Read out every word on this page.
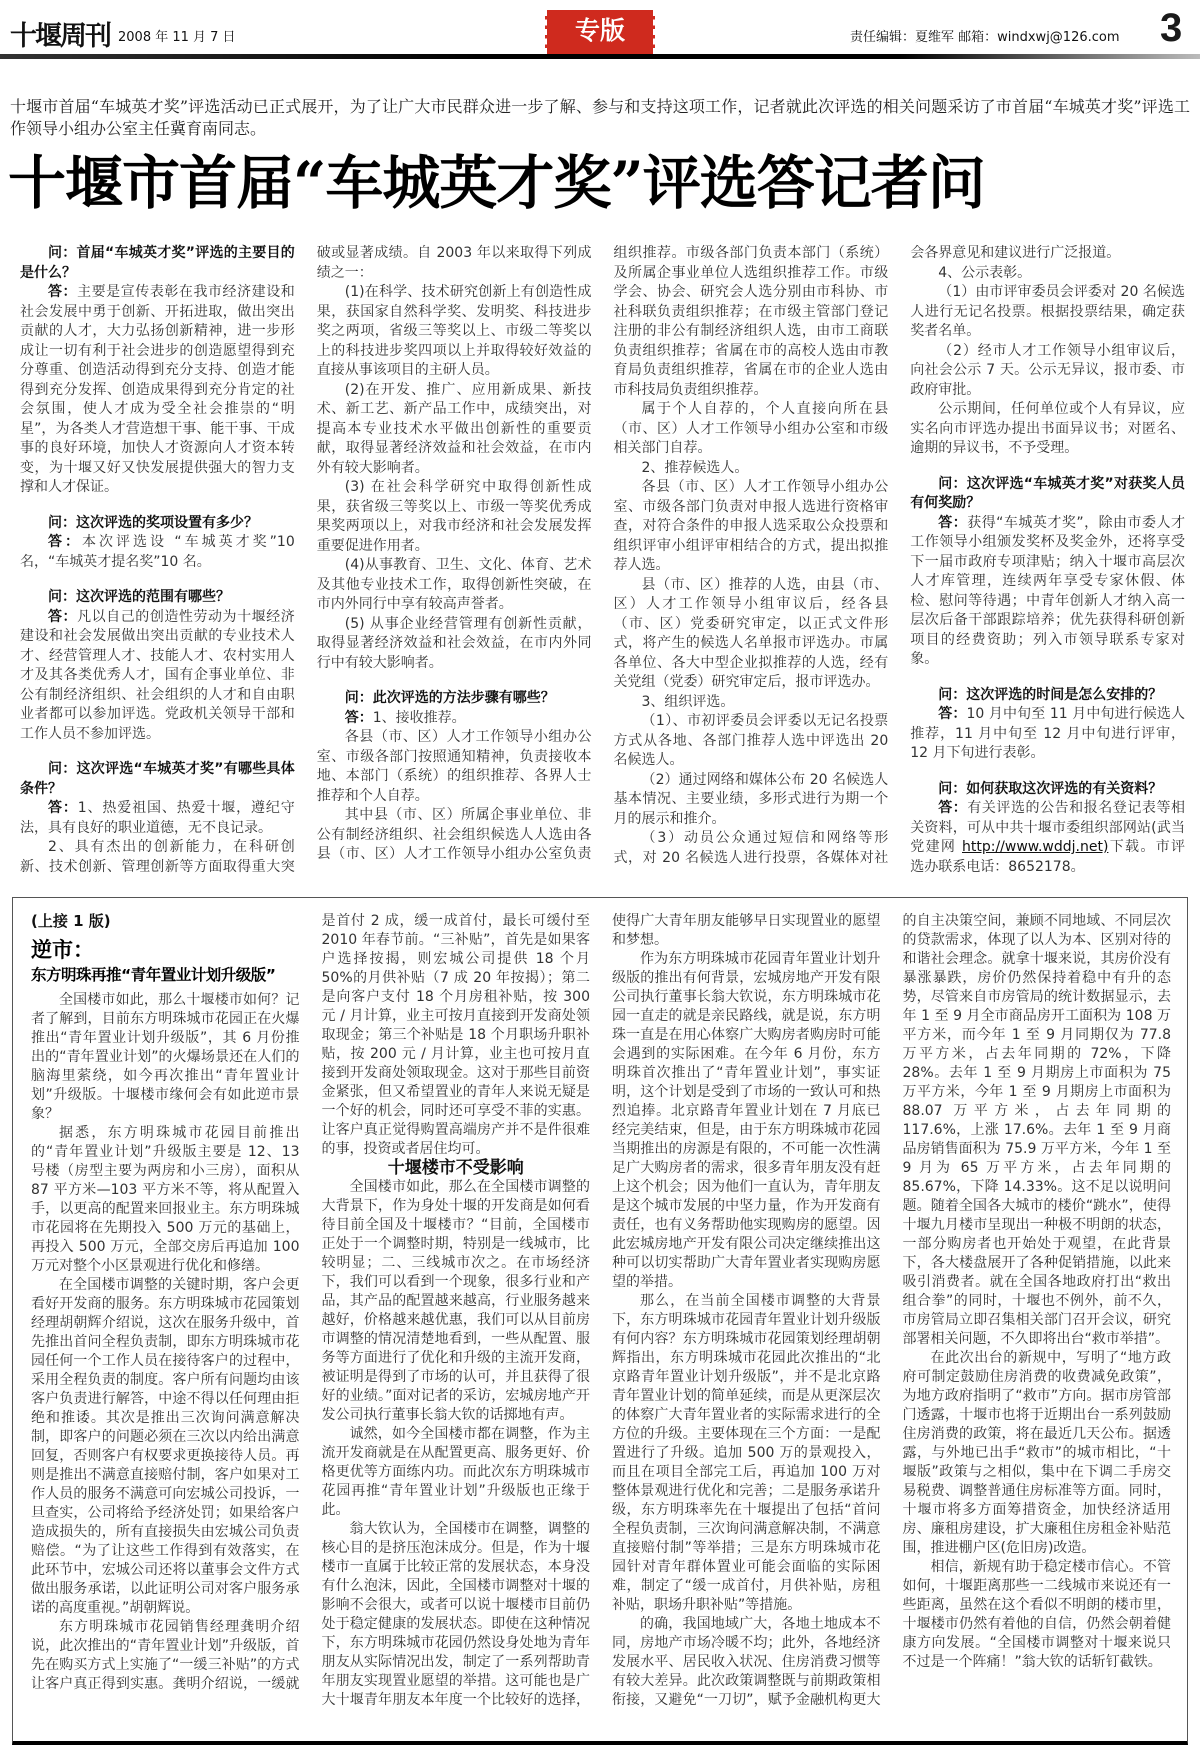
十堰周刊 2008 年 11 月 7 日	专版	责任编辑：夏维军 邮箱：windxwj@126.com 3
十堰市首届“车城英才奖”评选活动已正式展开，为了让广大市民群众进一步了解、参与和支持这项工作，记者就此次评选的相关问题采访了市首届“车城英才奖”评选工作领导小组办公室主任冀育南同志。
十堰市首届“车城英才奖”评选答记者问

问：首届“车城英才奖”评选的主要目的是什么？

答：主要是宣传表彰在我市经济建设和社会发展中勇于创新、开拓进取，做出突出贡献的人才，大力弘扬创新精神，进一步形成让一切有利于社会进步的创造愿望得到充分尊重、创造活动得到充分支持、创造才能得到充分发挥、创造成果得到充分肯定的社会氛围，使人才成为受全社会推崇的“明星”，为各类人才营造想干事、能干事、干成事的良好环境，加快人才资源向人才资本转变，为十堰又好又快发展提供强大的智力支撑和人才保证。

问：这次评选的奖项设置有多少？

答：本次评选设 “车城英才奖”10 名，“车城英才提名奖”10 名。

问：这次评选的范围有哪些？

答：凡以自己的创造性劳动为十堰经济建设和社会发展做出突出贡献的专业技术人才、经营管理人才、技能人才、农村实用人才及其各类优秀人才，国有企事业单位、非公有制经济组织、社会组织的人才和自由职业者都可以参加评选。党政机关领导干部和工作人员不参加评选。

问：这次评选“车城英才奖”有哪些具体条件？

答：1、热爱祖国、热爱十堰，遵纪守法，具有良好的职业道德，无不良记录。

2、具有杰出的创新能力，在科研创新、技术创新、管理创新等方面取得重大突破或显著成绩。自 2003 年以来取得下列成绩之一：

(1)在科学、技术研究创新上有创造性成果，获国家自然科学奖、发明奖、科技进步奖之两项，省级三等奖以上、市级二等奖以上的科技进步奖四项以上并取得较好效益的直接从事该项目的主研人员。

(2)在开发、推广、应用新成果、新技术、新工艺、新产品工作中，成绩突出，对提高本专业技术水平做出创新性的重要贡献，取得显著经济效益和社会效益，在市内外有较大影响者。

(3) 在社会科学研究中取得创新性成果，获省级三等奖以上、市级一等奖优秀成果奖两项以上，对我市经济和社会发展发挥重要促进作用者。

(4)从事教育、卫生、文化、体育、艺术及其他专业技术工作，取得创新性突破，在市内外同行中享有较高声誉者。

(5) 从事企业经营管理有创新性贡献，取得显著经济效益和社会效益，在市内外同行中有较大影响者。

问：此次评选的方法步骤有哪些？

答：1、接收推荐。

各县（市、区）人才工作领导小组办公室、市级各部门按照通知精神，负责接收本地、本部门（系统）的组织推荐、各界人士推荐和个人自荐。

其中县（市、区）所属企事业单位、非公有制经济组织、社会组织候选人人选由各县（市、区）人才工作领导小组办公室负责组织推荐。市级各部门负责本部门（系统）及所属企事业单位人选组织推荐工作。市级学会、协会、研究会人选分别由市科协、市社科联负责组织推荐；在市级主管部门登记注册的非公有制经济组织人选，由市工商联负责组织推荐；省属在市的高校人选由市教育局负责组织推荐，省属在市的企业人选由市科技局负责组织推荐。

属于个人自荐的，个人直接向所在县（市、区）人才工作领导小组办公室和市级相关部门自荐。

2、推荐候选人。

各县（市、区）人才工作领导小组办公室、市级各部门负责对申报人选进行资格审查，对符合条件的申报人选采取公众投票和组织评审小组评审相结合的方式，提出拟推荐人选。

县（市、区）推荐的人选，由县（市、区）人才工作领导小组审议后，经各县（市、区）党委研究审定，以正式文件形式，将产生的候选人名单报市评选办。市属各单位、各大中型企业拟推荐的人选，经有关党组（党委）研究审定后，报市评选办。

3、组织评选。

（1）、市初评委员会评委以无记名投票方式从各地、各部门推荐人选中评选出 20 名候选人。

（2）通过网络和媒体公布 20 名候选人基本情况、主要业绩，多形式进行为期一个月的展示和推介。

（3）动员公众通过短信和网络等形式，对 20 名候选人进行投票，各媒体对社会各界意见和建议进行广泛报道。

4、公示表彰。

（1）由市评审委员会评委对 20 名候选人进行无记名投票。根据投票结果，确定获奖者名单。

（2）经市人才工作领导小组审议后，向社会公示 7 天。公示无异议，报市委、市政府审批。

公示期间，任何单位或个人有异议，应实名向市评选办提出书面异议书；对匿名、逾期的异议书，不予受理。

问：这次评选“车城英才奖”对获奖人员有何奖励？

答：获得“车城英才奖”，除由市委人才工作领导小组颁发奖杯及奖金外，还将享受下一届市政府专项津贴；纳入十堰市高层次人才库管理，连续两年享受专家休假、体检、慰问等待遇；中青年创新人才纳入高一层次后备干部跟踪培养；优先获得科研创新项目的经费资助；列入市领导联系专家对象。

问：这次评选的时间是怎么安排的？

答：10 月中旬至 11 月中旬进行候选人推荐，11 月中旬至 12 月中旬进行评审，12 月下旬进行表彰。

问：如何获取这次评选的有关资料？

答：有关评选的公告和报名登记表等相关资料，可从中共十堰市委组织部网站(武当党建网 http://www.wddj.net)下载。市评选办联系电话：8652178。

(上接 1 版)
逆市：
东方明珠再推“青年置业计划升级版”

全国楼市如此，那么十堰楼市如何？记者了解到，目前东方明珠城市花园正在火爆推出“青年置业计划升级版”，其 6 月份推出的“青年置业计划”的火爆场景还在人们的脑海里萦绕，如今再次推出“青年置业计划”升级版。十堰楼市缘何会有如此逆市景象？

据悉，东方明珠城市花园目前推出的“青年置业计划”升级版主要是 12、13 号楼（房型主要为两房和小三房），面积从 87 平方米—103 平方米不等，将从配置入手，以更高的配置来回报业主。东方明珠城市花园将在先期投入 500 万元的基础上，再投入 500 万元，全部交房后再追加 100 万元对整个小区景观进行优化和修缮。

在全国楼市调整的关键时期，客户会更看好开发商的服务。东方明珠城市花园策划经理胡朝辉介绍说，这次在服务升级中，首先推出首问全程负责制，即东方明珠城市花园任何一个工作人员在接待客户的过程中，采用全程负责的制度。客户所有问题均由该客户负责进行解答，中途不得以任何理由拒绝和推诿。其次是推出三次询问满意解决制，即客户的问题必须在三次以内给出满意回复，否则客户有权要求更换接待人员。再则是推出不满意直接赔付制，客户如果对工作人员的服务不满意可向宏城公司投诉，一旦查实，公司将给予经济处罚；如果给客户造成损失的，所有直接损失由宏城公司负责赔偿。“为了让这些工作得到有效落实，在此环节中，宏城公司还将以董事会文件方式做出服务承诺，以此证明公司对客户服务承诺的高度重视。”胡朝辉说。

东方明珠城市花园销售经理龚明介绍说，此次推出的“青年置业计划”升级版，首先在购买方式上实施了“一缓三补贴”的方式让客户真正得到实惠。龚明介绍说，一缓就是首付 2 成，缓一成首付，最长可缓付至 2010 年春节前。“三补贴”，首先是如果客户选择按揭，则宏城公司提供 18 个月 50%的月供补贴（7 成 20 年按揭）；第二是向客户支付 18 个月房租补贴，按 300 元 / 月计算，业主可按月直接到开发商处领取现金；第三个补贴是 18 个月职场升职补贴，按 200 元 / 月计算，业主也可按月直接到开发商处领取现金。这对于那些目前资金紧张，但又希望置业的青年人来说无疑是一个好的机会，同时还可享受不菲的实惠。让客户真正觉得购置高端房产并不是件很难的事，投资或者居住均可。

十堰楼市不受影响

全国楼市如此，那么在全国楼市调整的大背景下，作为身处十堰的开发商是如何看待目前全国及十堰楼市？“目前，全国楼市正处于一个调整时期，特别是一线城市，比较明显；二、三线城市次之。在市场经济下，我们可以看到一个现象，很多行业和产品，其产品的配置越来越高，行业服务越来越好，价格越来越优惠，我们可以从目前房市调整的情况清楚地看到，一些从配置、服务等方面进行了优化和升级的主流开发商，被证明是得到了市场的认可，并且获得了很好的业绩。”面对记者的采访，宏城房地产开发公司执行董事长翁大钦的话掷地有声。

诚然，如今全国楼市都在调整，作为主流开发商就是在从配置更高、服务更好、价格更优等方面练内功。而此次东方明珠城市花园再推“青年置业计划”升级版也正缘于此。

翁大钦认为，全国楼市在调整，调整的核心目的是挤压泡沫成分。但是，作为十堰楼市一直属于比较正常的发展状态，本身没有什么泡沫，因此，全国楼市调整对十堰的影响不会很大，或者可以说十堰楼市目前仍处于稳定健康的发展状态。即使在这种情况下，东方明珠城市花园仍然设身处地为青年朋友从实际情况出发，制定了一系列帮助青年朋友实现置业愿望的举措。这可能也是广大十堰青年朋友本年度一个比较好的选择，使得广大青年朋友能够早日实现置业的愿望和梦想。

作为东方明珠城市花园青年置业计划升级版的推出有何背景，宏城房地产开发有限公司执行董事长翁大钦说，东方明珠城市花园一直走的就是亲民路线，就是说，东方明珠一直是在用心体察广大购房者购房时可能会遇到的实际困难。在今年 6 月份，东方明珠首次推出了“青年置业计划”，事实证明，这个计划是受到了市场的一致认可和热烈追捧。北京路青年置业计划在 7 月底已经完美结束，但是，由于东方明珠城市花园当期推出的房源是有限的，不可能一次性满足广大购房者的需求，很多青年朋友没有赶上这个机会；因为他们一直认为，青年朋友是这个城市发展的中坚力量，作为开发商有责任，也有义务帮助他实现购房的愿望。因此宏城房地产开发有限公司决定继续推出这种可以切实帮助广大青年置业者实现购房愿望的举措。

那么，在当前全国楼市调整的大背景下，东方明珠城市花园青年置业计划升级版有何内容？东方明珠城市花园策划经理胡朝辉指出，东方明珠城市花园此次推出的“北京路青年置业计划升级版”，并不是北京路青年置业计划的简单延续，而是从更深层次的体察广大青年置业者的实际需求进行的全方位的升级。主要体现在三个方面：一是配置进行了升级。追加 500 万的景观投入，而且在项目全部完工后，再追加 100 万对整体景观进行优化和完善；二是服务承诺升级，东方明珠率先在十堰提出了包括“首问全程负责制，三次询问满意解决制，不满意直接赔付制”等举措；三是东方明珠城市花园针对青年群体置业可能会面临的实际困难，制定了“缓一成首付，月供补贴，房租补贴，职场升职补贴”等措施。

的确，我国地域广大，各地土地成本不同，房地产市场冷暖不均；此外，各地经济发展水平、居民收入状况、住房消费习惯等有较大差异。此次政策调整既与前期政策相衔接，又避免“一刀切”，赋予金融机构更大的自主决策空间，兼顾不同地域、不同层次的贷款需求，体现了以人为本、区别对待的和谐社会理念。就拿十堰来说，其房价没有暴涨暴跌，房价仍然保持着稳中有升的态势，尽管来自市房管局的统计数据显示，去年 1 至 9 月全市商品房开工面积为 108 万平方米，而今年 1 至 9 月同期仅为 77.8 万平方米，占去年同期的 72%，下降 28%。去年 1 至 9 月期房上市面积为 75 万平方米，今年 1 至 9 月期房上市面积为 88.07 万平方米，占去年同期的 117.6%，上涨 17.6%。去年 1 至 9 月商品房销售面积为 75.9 万平方米，今年 1 至 9 月为 65 万平方米，占去年同期的 85.67%，下降 14.33%。这不足以说明问题。随着全国各大城市的楼价“跳水”，使得十堰九月楼市呈现出一种极不明朗的状态，一部分购房者也开始处于观望，在此背景下，各大楼盘展开了各种促销措施，以此来吸引消费者。就在全国各地政府打出“救出组合拳”的同时，十堰也不例外，前不久，市房管局立即召集相关部门召开会议，研究部署相关问题，不久即将出台“救市举措”。

在此次出台的新规中，写明了“地方政府可制定鼓励住房消费的收费减免政策”，为地方政府指明了“救市”方向。据市房管部门透露，十堰市也将于近期出台一系列鼓励住房消费的政策，将在最近几天公布。据透露，与外地已出手“救市”的城市相比，“十堰版”政策与之相似，集中在下调二手房交易税费、调整普通住房标准等方面。同时，十堰市将多方面筹措资金，加快经济适用房、廉租房建设，扩大廉租住房租金补贴范围，推进棚户区(危旧房)改造。

相信，新规有助于稳定楼市信心。不管如何，十堰距离那些一二线城市来说还有一些距离，虽然在这个看似不明朗的楼市里，十堰楼市仍然有着他的自信，仍然会朝着健康方向发展。“全国楼市调整对十堰来说只不过是一个阵痛！”翁大钦的话斩钉截铁。
